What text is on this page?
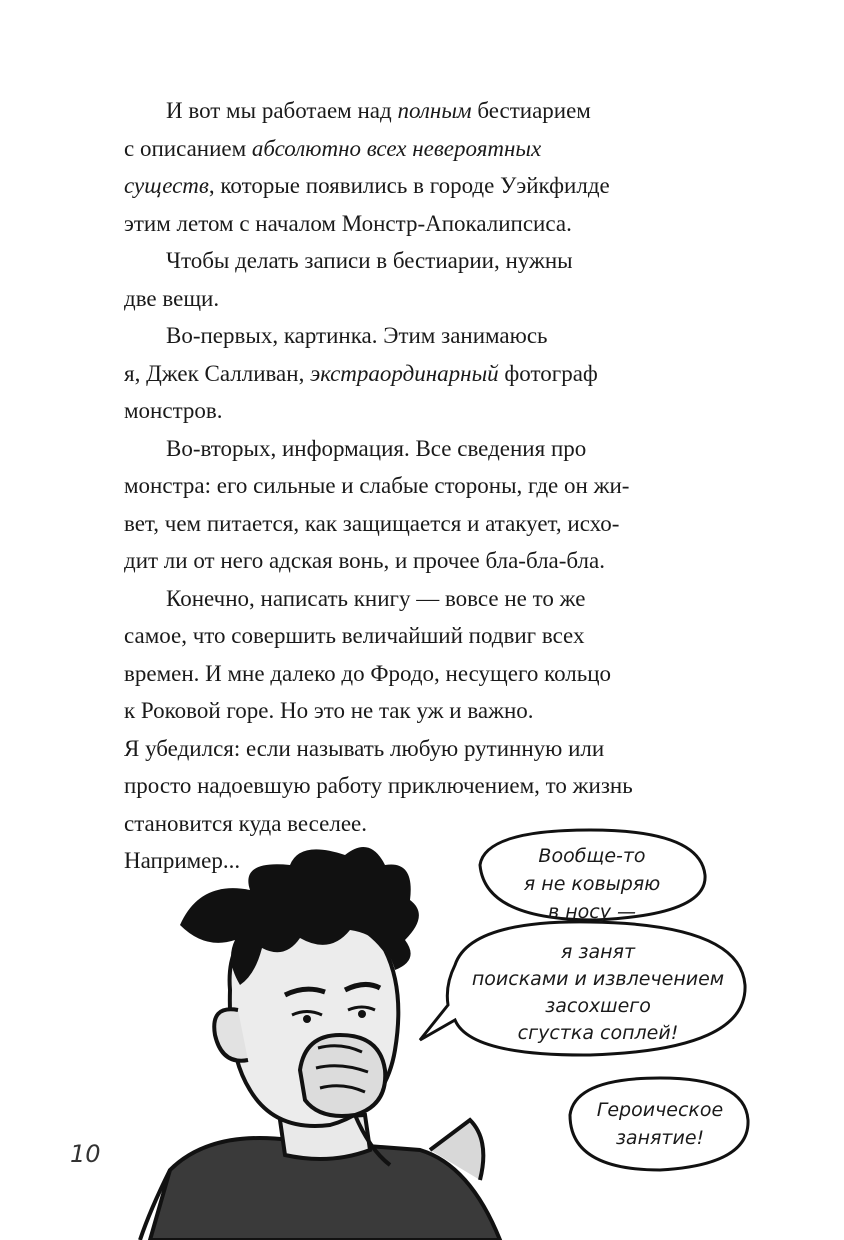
И вот мы работаем над полным бестиарием
с описанием абсолютно всех невероятных
существ, которые появились в городе Уэйкфилде
этим летом с началом Монстр-Апокалипсиса.
Чтобы делать записи в бестиарии, нужны
две вещи.
Во-первых, картинка. Этим занимаюсь
я, Джек Салливан, экстраординарный фотограф
монстров.
Во-вторых, информация. Все сведения про
монстра: его сильные и слабые стороны, где он жи-
вет, чем питается, как защищается и атакует, исхо-
дит ли от него адская вонь, и прочее бла-бла-бла.
Конечно, написать книгу — вовсе не то же
самое, что совершить величайший подвиг всех
времен. И мне далеко до Фродо, несущего кольцо
к Роковой горе. Но это не так уж и важно.
Я убедился: если называть любую рутинную или
просто надоевшую работу приключением, то жизнь
становится куда веселее.
Например...	Вообще-то
я не ковыряю
в носу —
я занят
поисками и извлечением
засохшего
сгустка соплей!
Героическое
занятие!
10
